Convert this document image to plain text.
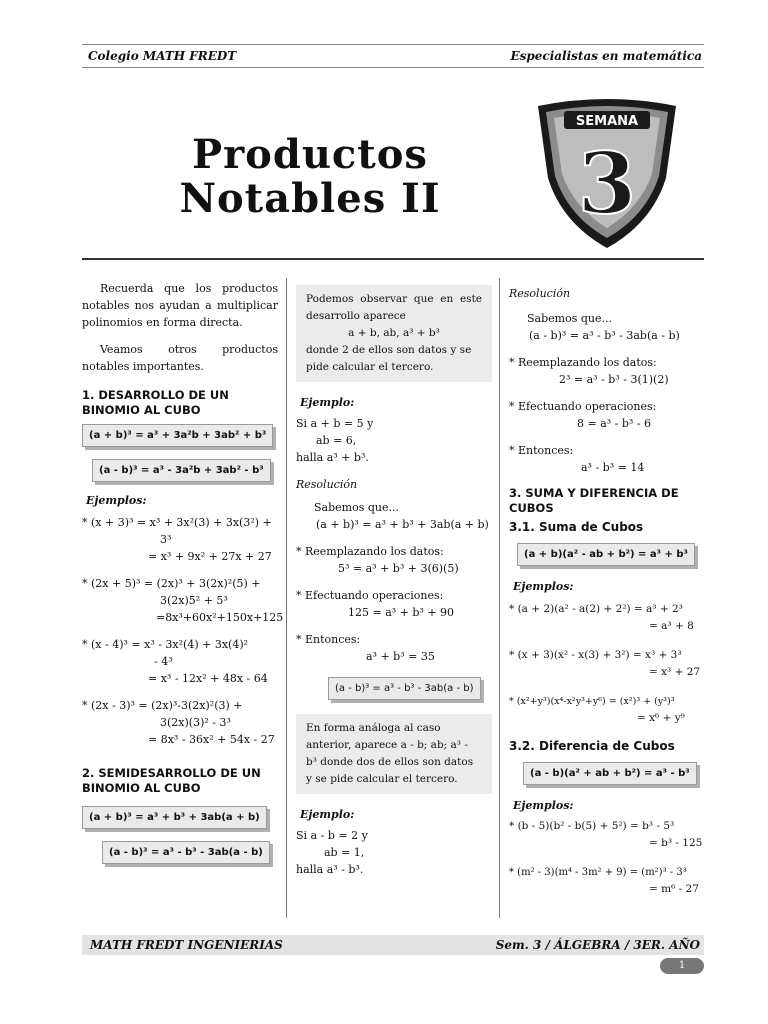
Colegio MATH FREDT	Especialistas en matemática
Productos
Notables II
SEMANA
3
Recuerda que los productos notables nos ayudan a multiplicar polinomios en forma directa.
Veamos otros productos notables importantes.
1. DESARROLLO DE UN BINOMIO AL CUBO
(a + b)³ = a³ + 3a²b + 3ab² + b³ (a - b)³ = a³ - 3a²b + 3ab² - b³
Ejemplos:
* (x + 3)³ = x³ + 3x²(3) + 3x(3²) +
3³
= x³ + 9x² + 27x + 27
* (2x + 5)³ = (2x)³ + 3(2x)²(5) +
3(2x)5² + 5³
=8x³+60x²+150x+125
* (x - 4)³ = x³ - 3x²(4) + 3x(4)²
- 4³
= x³ - 12x² + 48x - 64
* (2x - 3)³ = (2x)³-3(2x)²(3) +
3(2x)(3)² - 3³
= 8x³ - 36x² + 54x - 27
2. SEMIDESARROLLO DE UN BINOMIO AL CUBO
(a + b)³ = a³ + b³ + 3ab(a + b) (a - b)³ = a³ - b³ - 3ab(a - b)
Podemos observar que en este desarrollo aparece
a + b, ab, a³ + b³
donde 2 de ellos son datos y se pide calcular el tercero.
Ejemplo:
Si a + b = 5 y
ab = 6,
halla a³ + b³.
Resolución
Sabemos que...
(a + b)³ = a³ + b³ + 3ab(a + b)
* Reemplazando los datos:
5³ = a³ + b³ + 3(6)(5)
* Efectuando operaciones:
125 = a³ + b³ + 90
* Entonces:
a³ + b³ = 35
(a - b)³ = a³ - b³ - 3ab(a - b)
En forma análoga al caso anterior, aparece a - b; ab; a³ - b³ donde dos de ellos son datos y se pide calcular el tercero.
Ejemplo:
Si a - b = 2 y
ab = 1,
halla a³ - b³.
Resolución
Sabemos que...
(a - b)³ = a³ - b³ - 3ab(a - b)
* Reemplazando los datos:
2³ = a³ - b³ - 3(1)(2)
* Efectuando operaciones:
8 = a³ - b³ - 6
* Entonces:
a³ - b³ = 14
3. SUMA Y DIFERENCIA DE CUBOS
3.1. Suma de Cubos
(a + b)(a² - ab + b²) = a³ + b³
Ejemplos:
* (a + 2)(a² - a(2) + 2²) = a³ + 2³
= a³ + 8
* (x + 3)(x² - x(3) + 3²) = x³ + 3³
= x³ + 27
* (x²+y³)(x⁴-x²y³+y⁶) = (x²)³ + (y³)³
= x⁶ + y⁹
3.2. Diferencia de Cubos
(a - b)(a² + ab + b²) = a³ - b³
Ejemplos:
* (b - 5)(b² - b(5) + 5²) = b³ - 5³
= b³ - 125
* (m² - 3)(m⁴ - 3m² + 9) = (m²)³ - 3³
= m⁶ - 27
MATH FREDT INGENIERIAS	Sem. 3 / ÁLGEBRA / 3ER. AÑO
1
